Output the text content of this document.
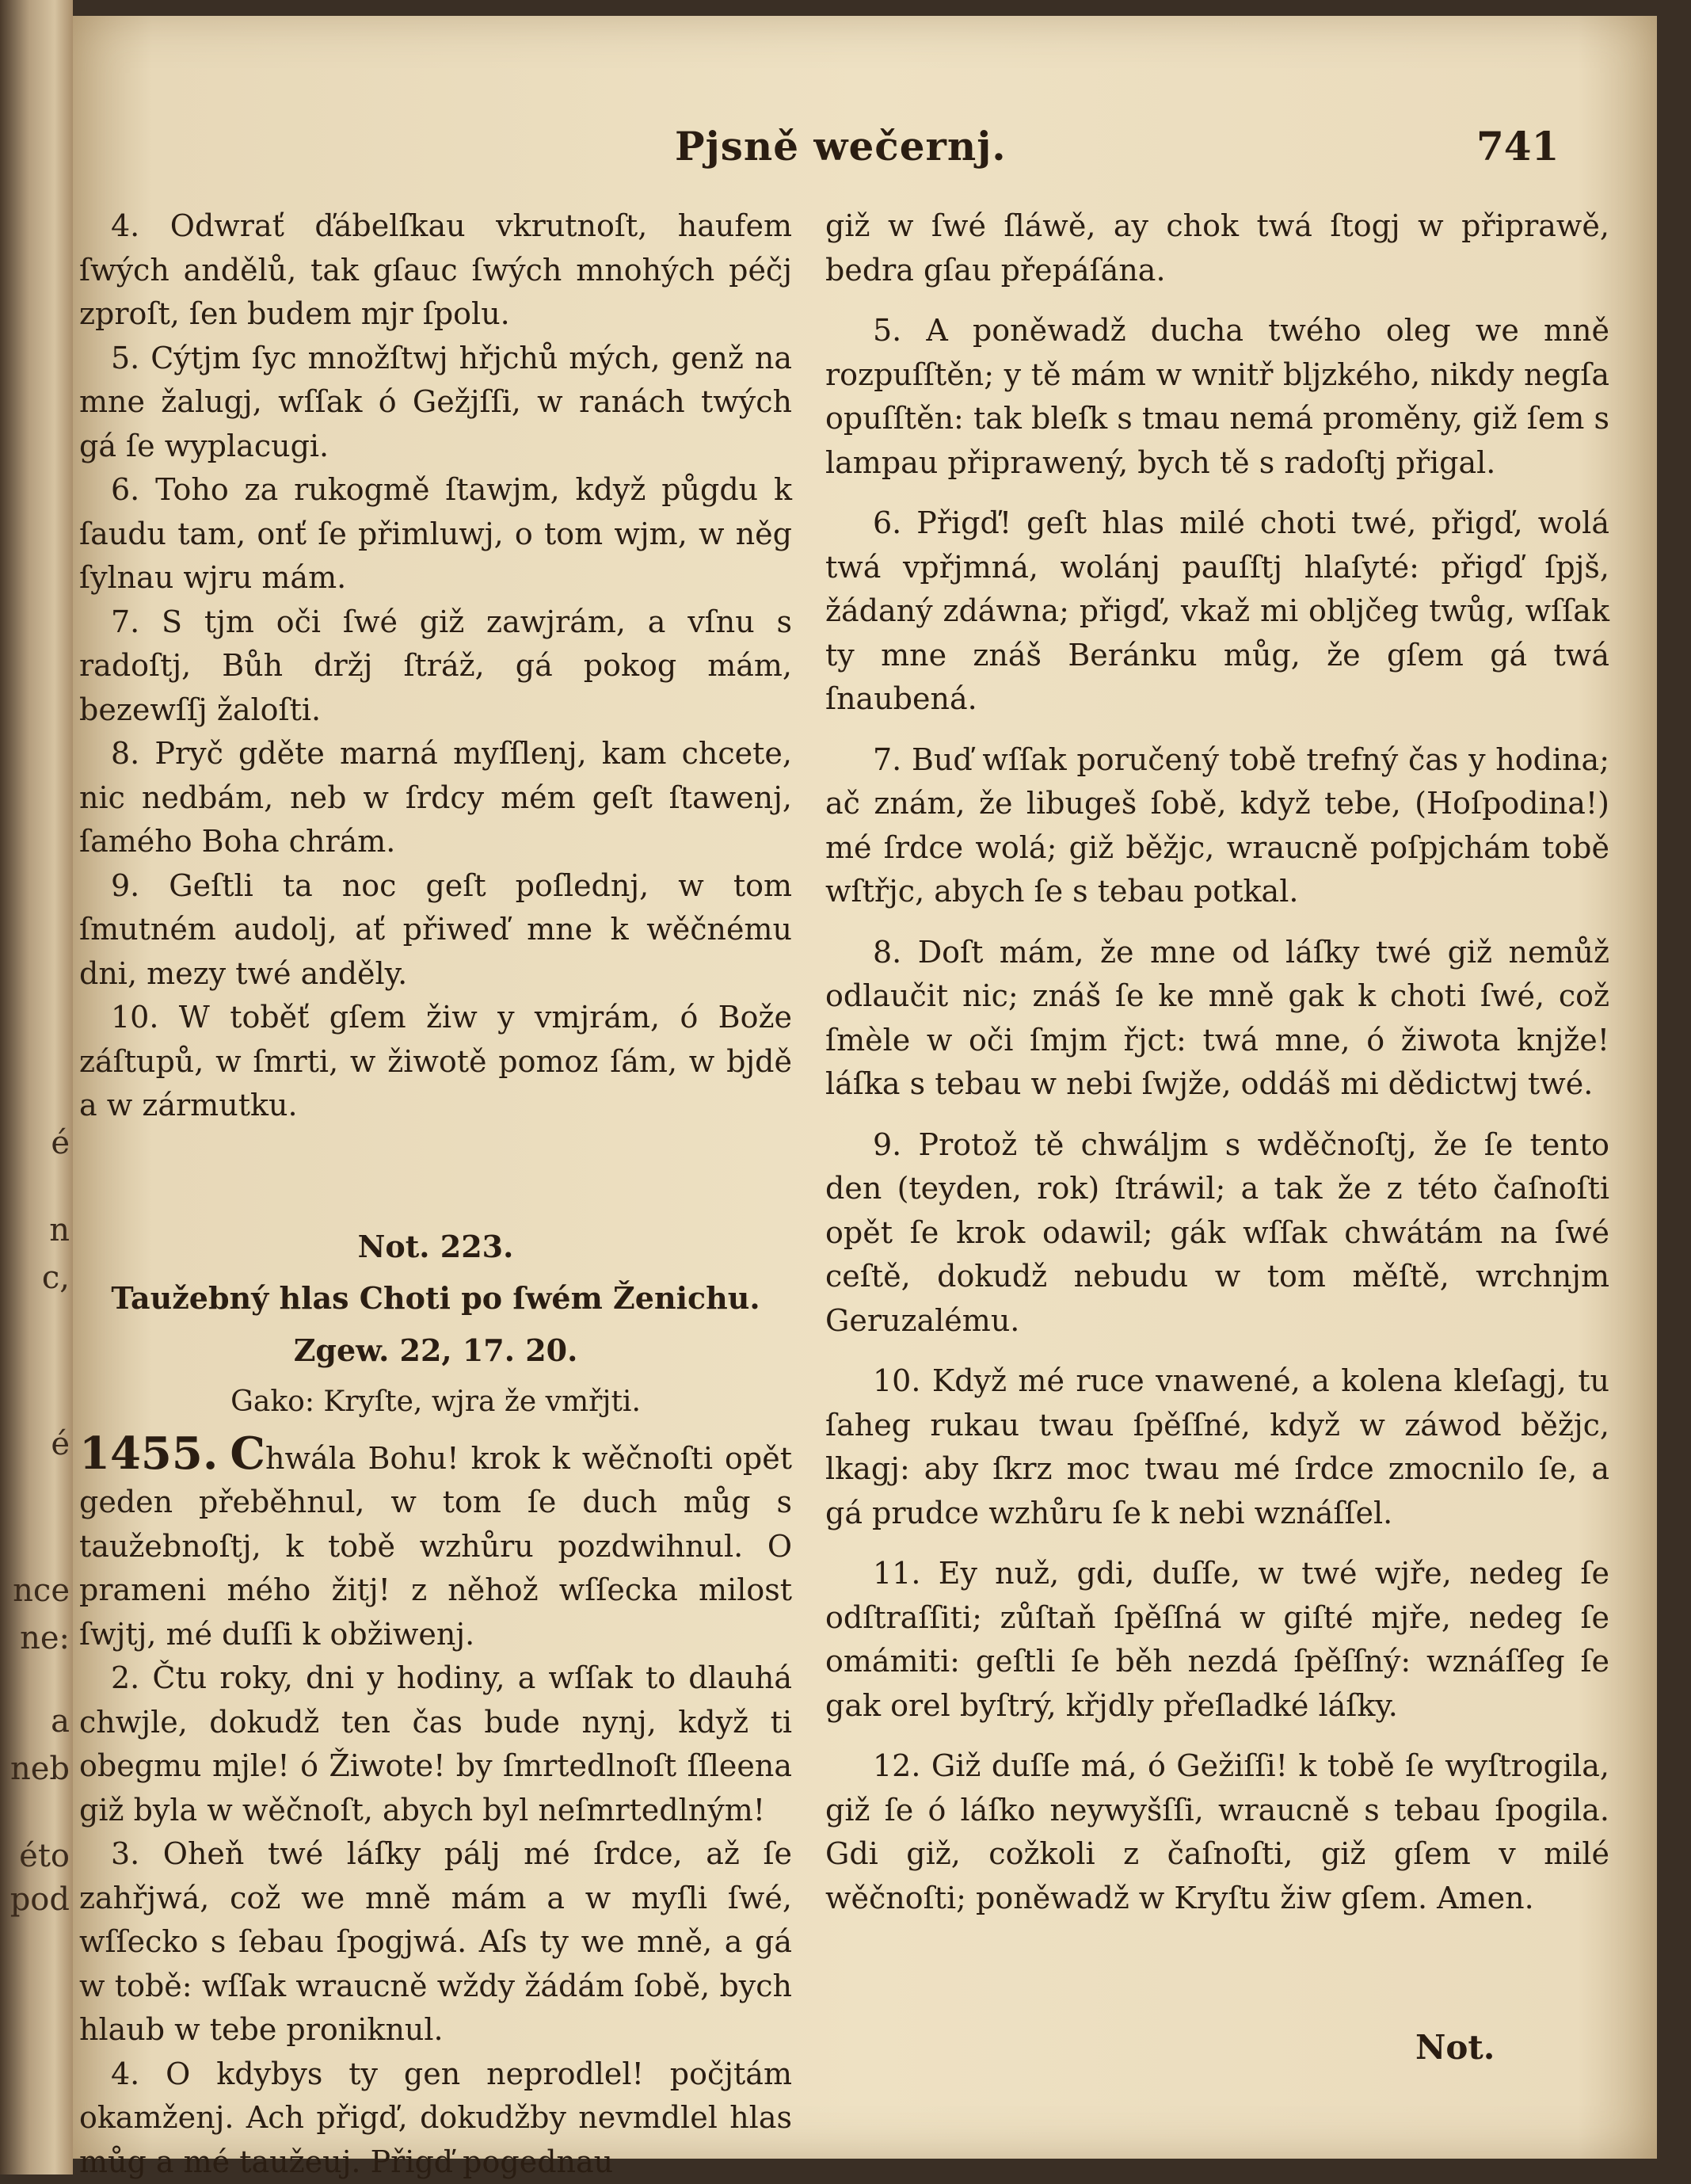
é
n
c,
é
nce
ne:
a
neb
éto
pod
Pjsně wečernj.	741

4. Odwrať ďábelſkau vkrutnoſt, haufem ſwých andělů, tak gſauc ſwých mnohých péčj zproſt, ſen budem mjr ſpolu.

5. Cýtjm ſyc množſtwj hřjchů mých, genž na mne žalugj, wſſak ó Gežjſſi, w ranách twých gá ſe wyplacugi.

6. Toho za rukogmě ſtawjm, když půgdu k ſaudu tam, onť ſe přimluwj, o tom wjm, w něg ſylnau wjru mám.

7. S tjm oči ſwé giž zawjrám, a vſnu s radoſtj, Bůh držj ſtráž, gá pokog mám, bezewſſj žaloſti.

8. Pryč gděte marná myſſlenj, kam chcete, nic nedbám, neb w ſrdcy mém geſt ſtawenj, ſamého Boha chrám.

9. Geſtli ta noc geſt poſlednj, w tom ſmutném audolj, ať přiweď mne k wěčnému dni, mezy twé anděly.

10. W toběť gſem žiw y vmjrám, ó Bože záſtupů, w ſmrti, w žiwotě pomoz ſám, w bjdě a w zármutku.

Not. 223.

Taužebný hlas Choti po ſwém Ženichu.

Zgew. 22, 17. 20.

Gako: Kryſte, wjra že vmřjti.

1455. Chwála Bohu! krok k wěčnoſti opět geden přeběhnul, w tom ſe duch můg s taužebnoſtj, k tobě wzhůru pozdwihnul. O prameni mého žitj! z něhož wſſecka milost ſwjtj, mé duſſi k obžiwenj.

2. Čtu roky, dni y hodiny, a wſſak to dlauhá chwjle, dokudž ten čas bude nynj, když ti obegmu mjle! ó Žiwote! by ſmrtedlnoſt ſſleena giž byla w wěčnoſt, abych byl neſmrtedlným!

3. Oheň twé láſky pálj mé ſrdce, až ſe zahřjwá, což we mně mám a w myſli ſwé, wſſecko s ſebau ſpogjwá. Aſs ty we mně, a gá w tobě: wſſak wraucně wždy žádám ſobě, bych hlaub w tebe proniknul.

4. O kdybys ty gen neprodlel! počjtám okamženj. Ach přigď, dokudžby nevmdlel hlas můg a mé taužeuj. Přigď pogednau

giž w ſwé ſláwě, ay chok twá ſtogj w připrawě, bedra gſau přepáſána.

5. A poněwadž ducha twého oleg we mně rozpuſſtěn; y tě mám w wnitř bljzkého, nikdy negſa opuſſtěn: tak bleſk s tmau nemá proměny, giž ſem s lampau připrawený, bych tě s radoſtj přigal.

6. Přigď! geſt hlas milé choti twé, přigď, wolá twá vpřjmná, wolánj pauſſtj hlaſyté: přigď ſpjš, žádaný zdáwna; přigď, vkaž mi obljčeg twůg, wſſak ty mne znáš Beránku můg, že gſem gá twá ſnaubená.

7. Buď wſſak poručený tobě trefný čas y hodina; ač znám, že libugeš ſobě, když tebe, (Hoſpodina!) mé ſrdce wolá; giž běžjc, wraucně poſpjchám tobě wſtřjc, abych ſe s tebau potkal.

8. Doſt mám, že mne od láſky twé giž nemůž odlaučit nic; znáš ſe ke mně gak k choti ſwé, což ſmèle w oči ſmjm řjct: twá mne, ó žiwota knjže! láſka s tebau w nebi ſwjže, oddáš mi dědictwj twé.

9. Protož tě chwáljm s wděčnoſtj, že ſe tento den (teyden, rok) ſtráwil; a tak že z této čaſnoſti opět ſe krok odawil; gák wſſak chwátám na ſwé ceſtě, dokudž nebudu w tom měſtě, wrchnjm Geruzalému.

10. Když mé ruce vnawené, a kolena kleſagj, tu ſaheg rukau twau ſpěſſné, když w záwod běžjc, lkagj: aby ſkrz moc twau mé ſrdce zmocnilo ſe, a gá prudce wzhůru ſe k nebi wznáſſel.

11. Ey nuž, gdi, duſſe, w twé wjře, nedeg ſe odſtraſſiti; zůſtaň ſpěſſná w giſté mjře, nedeg ſe omámiti: geſtli ſe běh nezdá ſpěſſný: wznáſſeg ſe gak orel byſtrý, křjdly přeſladké láſky.

12. Giž duſſe má, ó Gežiſſi! k tobě ſe wyſtrogila, giž ſe ó láſko neywyšſſi, wraucně s tebau ſpogila. Gdi giž, cožkoli z čaſnoſti, giž gſem v milé wěčnoſti; poněwadž w Kryſtu žiw gſem. Amen.

Not.
